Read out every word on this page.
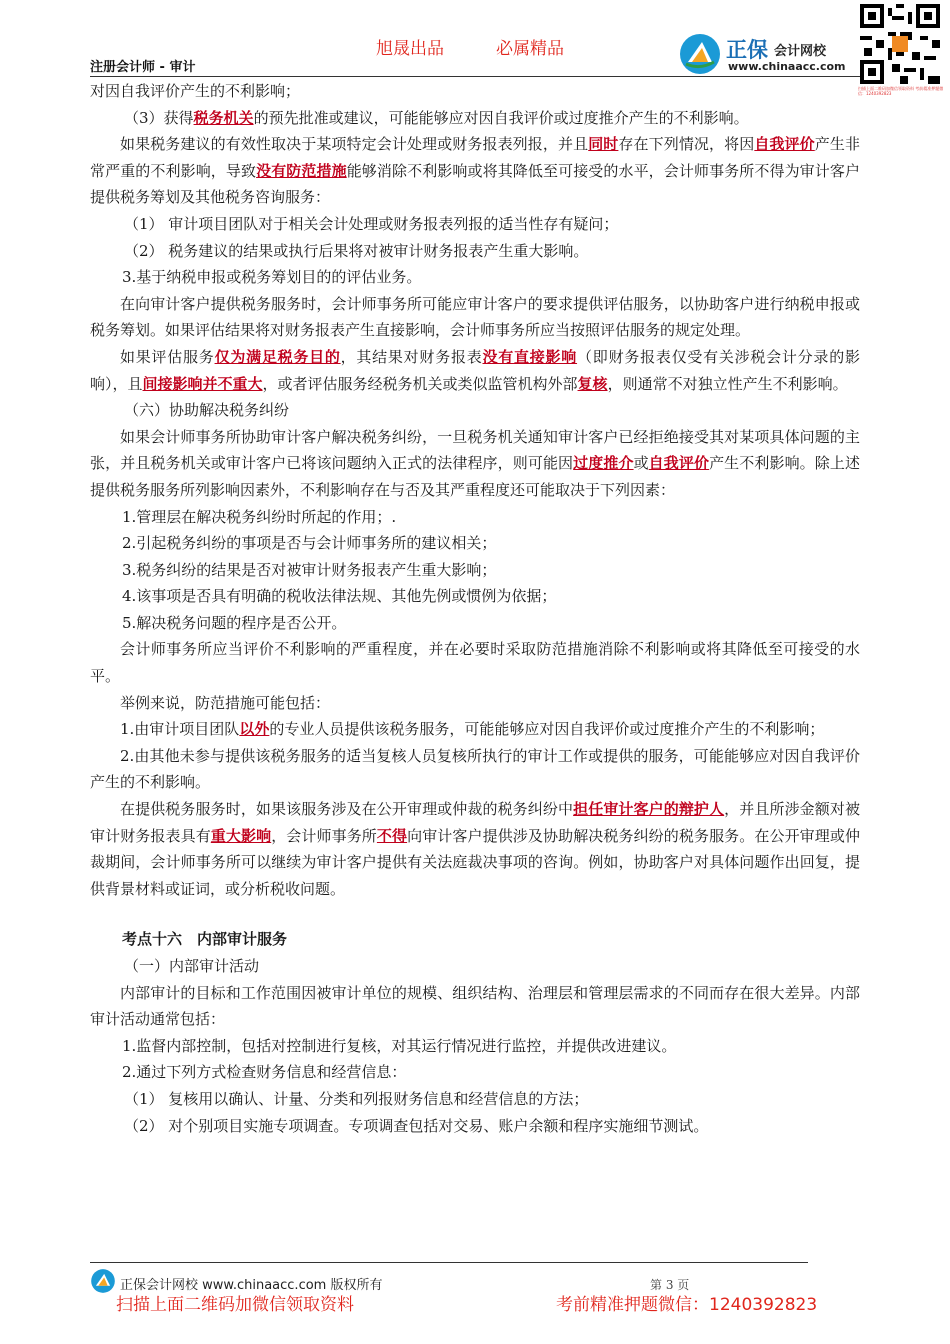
旭晟出品	必属精品
注册会计师 - 审计
正保 会计网校
www.chinaacc.com
扫描上面二维码加微信领取资料 考前精准押题微信：1240392823

对因自我评价产生的不利影响；

（3）获得税务机关的预先批准或建议，可能能够应对因自我评价或过度推介产生的不利影响。

如果税务建议的有效性取决于某项特定会计处理或财务报表列报，并且同时存在下列情况，将因自我评价产生非常严重的不利影响，导致没有防范措施能够消除不利影响或将其降低至可接受的水平，会计师事务所不得为审计客户提供税务筹划及其他税务咨询服务：

（1） 审计项目团队对于相关会计处理或财务报表列报的适当性存有疑问；

（2） 税务建议的结果或执行后果将对被审计财务报表产生重大影响。

3.基于纳税申报或税务筹划目的的评估业务。

在向审计客户提供税务服务时，会计师事务所可能应审计客户的要求提供评估服务，以协助客户进行纳税申报或税务筹划。如果评估结果将对财务报表产生直接影响，会计师事务所应当按照评估服务的规定处理。

如果评估服务仅为满足税务目的，其结果对财务报表没有直接影响（即财务报表仅受有关涉税会计分录的影响），且间接影响并不重大，或者评估服务经税务机关或类似监管机构外部复核，则通常不对独立性产生不利影响。

（六）协助解决税务纠纷

如果会计师事务所协助审计客户解决税务纠纷，一旦税务机关通知审计客户已经拒绝接受其对某项具体问题的主张，并且税务机关或审计客户已将该问题纳入正式的法律程序，则可能因过度推介或自我评价产生不利影响。除上述提供税务服务所列影响因素外，不利影响存在与否及其严重程度还可能取决于下列因素：

1.管理层在解决税务纠纷时所起的作用；.

2.引起税务纠纷的事项是否与会计师事务所的建议相关；

3.税务纠纷的结果是否对被审计财务报表产生重大影响；

4.该事项是否具有明确的税收法律法规、其他先例或惯例为依据；

5.解决税务问题的程序是否公开。

会计师事务所应当评价不利影响的严重程度，并在必要时采取防范措施消除不利影响或将其降低至可接受的水平。

举例来说，防范措施可能包括：

1.由审计项目团队以外的专业人员提供该税务服务，可能能够应对因自我评价或过度推介产生的不利影响；

2.由其他未参与提供该税务服务的适当复核人员复核所执行的审计工作或提供的服务，可能能够应对因自我评价产生的不利影响。

在提供税务服务时，如果该服务涉及在公开审理或仲裁的税务纠纷中担任审计客户的辩护人，并且所涉金额对被审计财务报表具有重大影响，会计师事务所不得向审计客户提供涉及协助解决税务纠纷的税务服务。在公开审理或仲裁期间，会计师事务所可以继续为审计客户提供有关法庭裁决事项的咨询。例如，协助客户对具体问题作出回复，提供背景材料或证词，或分析税收问题。

考点十六　内部审计服务

（一）内部审计活动

内部审计的目标和工作范围因被审计单位的规模、组织结构、治理层和管理层需求的不同而存在很大差异。内部审计活动通常包括：

1.监督内部控制，包括对控制进行复核，对其运行情况进行监控，并提供改进建议。

2.通过下列方式检查财务信息和经营信息：

（1） 复核用以确认、计量、分类和列报财务信息和经营信息的方法；

（2） 对个别项目实施专项调查。专项调查包括对交易、账户余额和程序实施细节测试。

正保会计网校 www.chinaacc.com 版权所有	第 3 页
扫描上面二维码加微信领取资料	考前精准押题微信：1240392823
